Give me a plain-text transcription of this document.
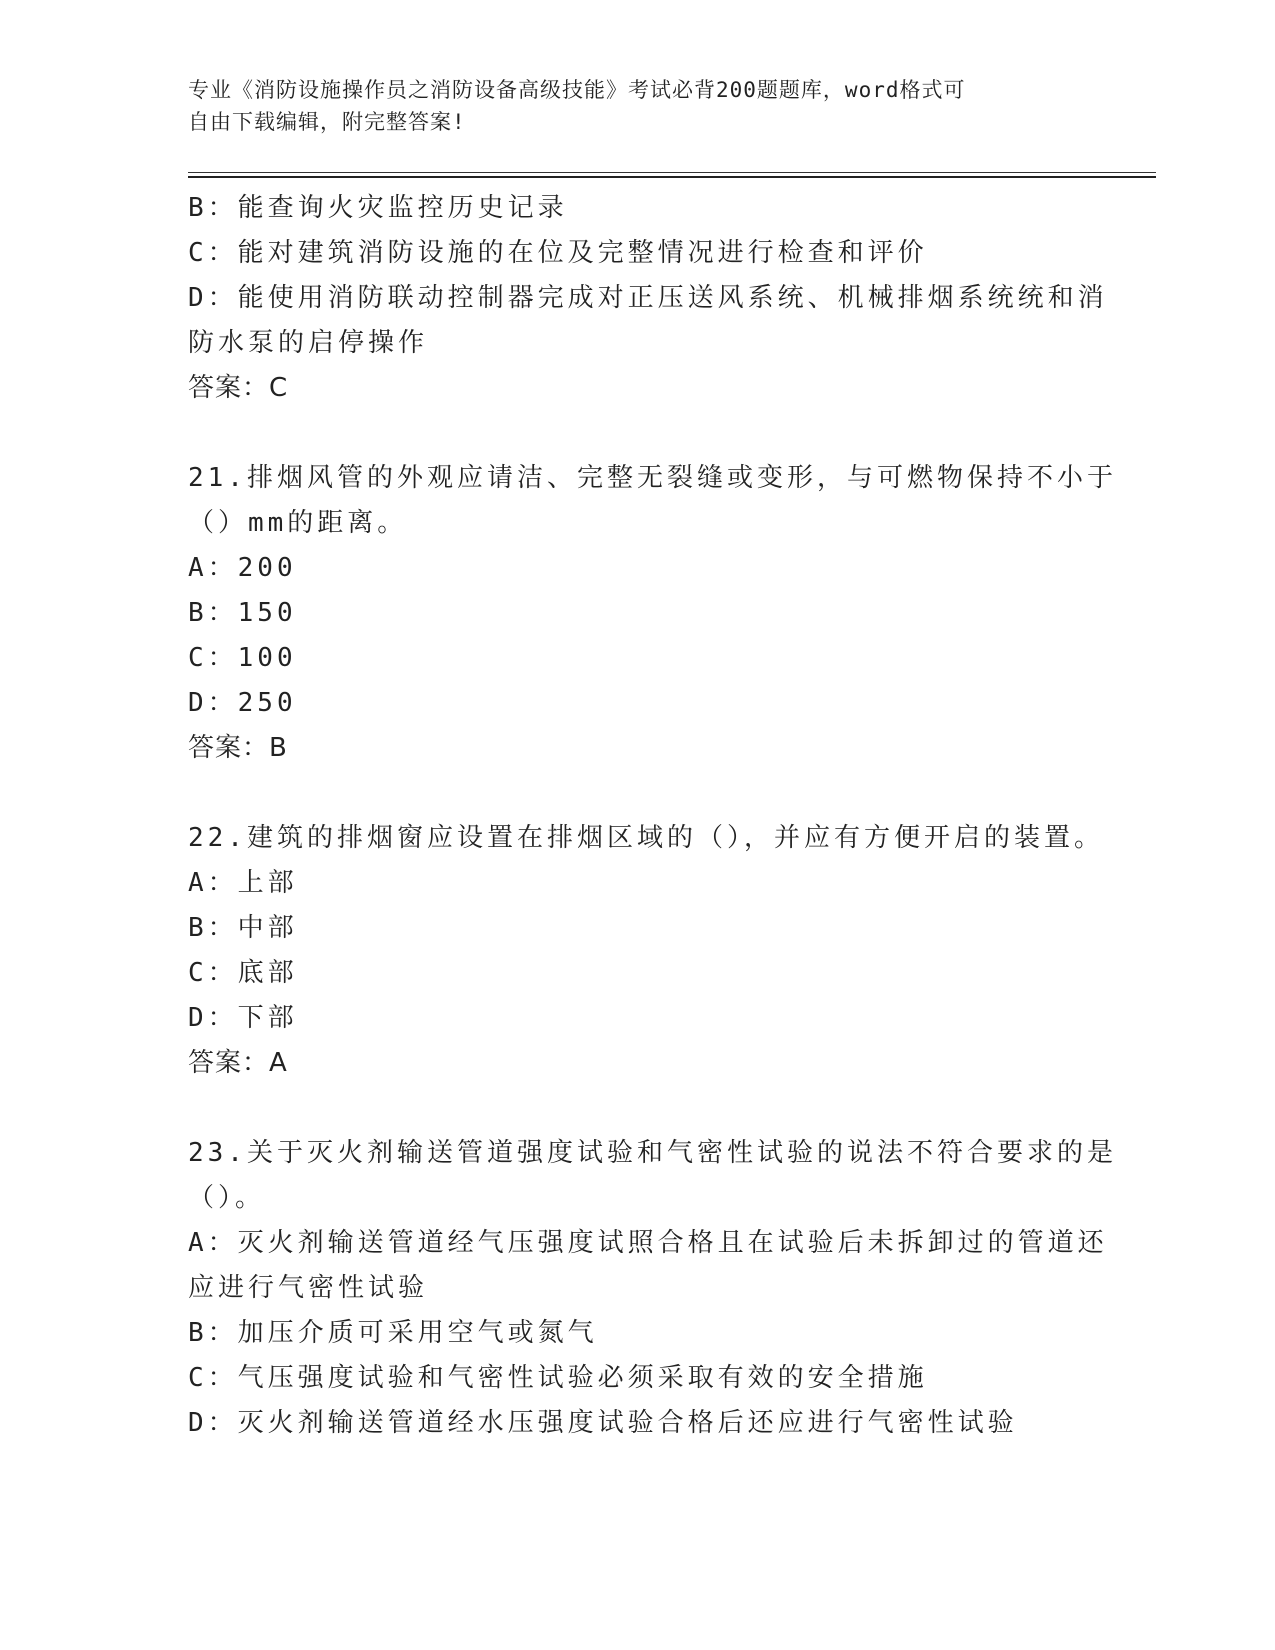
专业《消防设施操作员之消防设备高级技能》考试必背200题题库，word格式可
自由下载编辑，附完整答案!
B：能查询火灾监控历史记录
C：能对建筑消防设施的在位及完整情况进行检查和评价
D：能使用消防联动控制器完成对正压送风系统、机械排烟系统统和消
防水泵的启停操作
答案：C
21.排烟风管的外观应请洁、完整无裂缝或变形，与可燃物保持不小于
（）mm的距离。
A：200
B：150
C：100
D：250
答案：B
22.建筑的排烟窗应设置在排烟区域的（），并应有方便开启的装置。
A：上部
B：中部
C：底部
D：下部
答案：A
23.关于灭火剂输送管道强度试验和气密性试验的说法不符合要求的是
（）。
A：灭火剂输送管道经气压强度试照合格且在试验后未拆卸过的管道还
应进行气密性试验
B：加压介质可采用空气或氮气
C：气压强度试验和气密性试验必须采取有效的安全措施
D：灭火剂输送管道经水压强度试验合格后还应进行气密性试验
